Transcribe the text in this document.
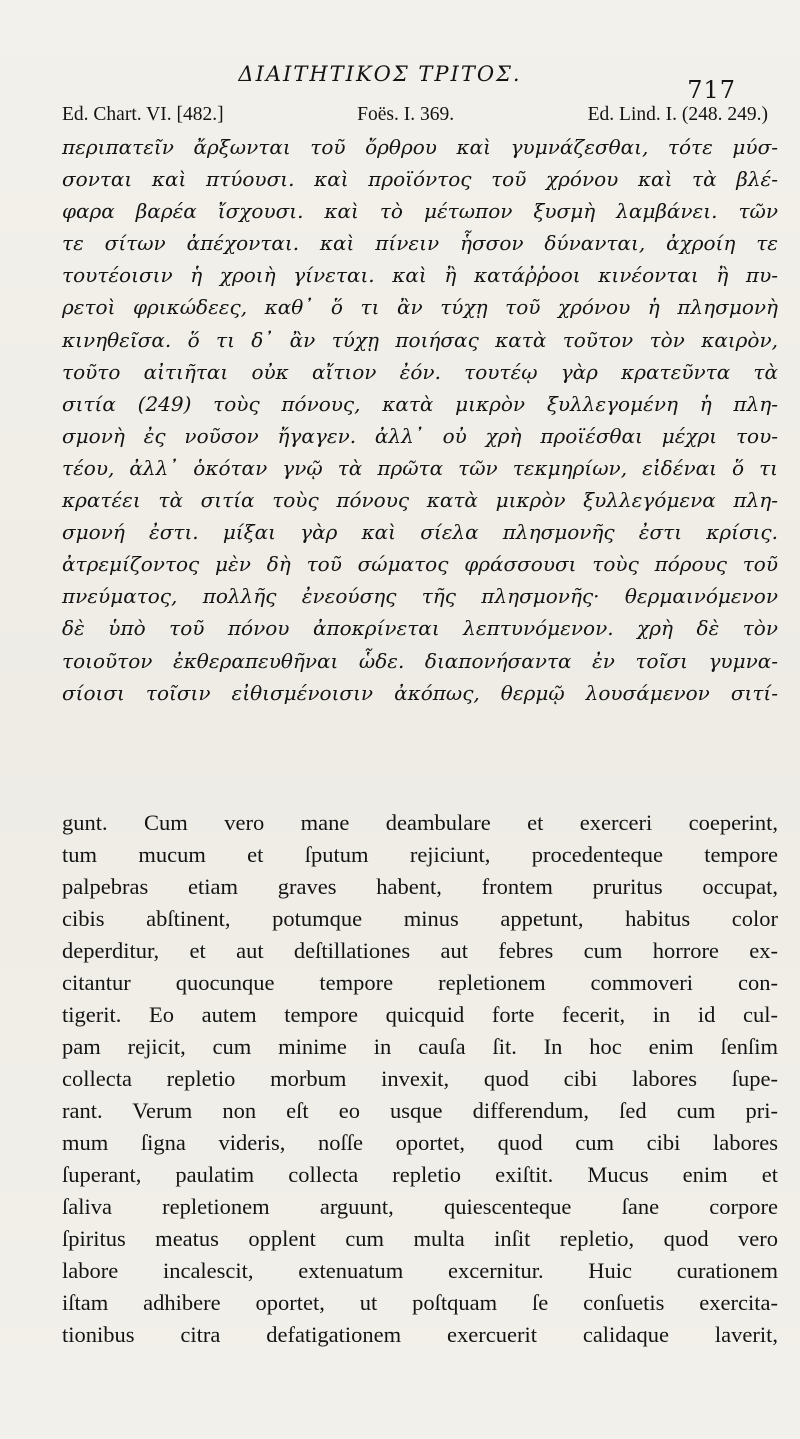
ΔΙΑΙΤΗΤΙΚΟΣ ΤΡΙΤΟΣ.
717
Ed. Chart. VI. [482.]	Foës. I. 369.	Ed. Lind. I. (248. 249.)
περιπατεῖν ἄρξωνται τοῦ ὄρθρου καὶ γυμνάζεσθαι, τότε μύσ-
σονται καὶ πτύουσι. καὶ προϊόντος τοῦ χρόνου καὶ τὰ βλέ-
φαρα βαρέα ἴσχουσι. καὶ τὸ μέτωπον ξυσμὴ λαμβάνει. τῶν
τε σίτων ἀπέχονται. καὶ πίνειν ἧσσον δύνανται, ἀχροίη τε
τουτέοισιν ἡ χροιὴ γίνεται. καὶ ἢ κατάῤῥοοι κινέονται ἢ πυ-
ρετοὶ φρικώδεες, καθ᾽ ὅ τι ἂν τύχῃ τοῦ χρόνου ἡ πλησμονὴ
κινηθεῖσα. ὅ τι δ᾽ ἂν τύχῃ ποιήσας κατὰ τοῦτον τὸν καιρὸν,
τοῦτο αἰτιῆται οὐκ αἴτιον ἐόν. τουτέῳ γὰρ κρατεῦντα τὰ
σιτία (249) τοὺς πόνους, κατὰ μικρὸν ξυλλεγομένη ἡ πλη-
σμονὴ ἐς νοῦσον ἤγαγεν. ἀλλ᾽ οὐ χρὴ προϊέσθαι μέχρι του-
τέου, ἀλλ᾽ ὁκόταν γνῷ τὰ πρῶτα τῶν τεκμηρίων, εἰδέναι ὅ τι
κρατέει τὰ σιτία τοὺς πόνους κατὰ μικρὸν ξυλλεγόμενα πλη-
σμονή ἐστι. μίξαι γὰρ καὶ σίελα πλησμονῆς ἐστι κρίσις.
ἀτρεμίζοντος μὲν δὴ τοῦ σώματος φράσσουσι τοὺς πόρους τοῦ
πνεύματος, πολλῆς ἐνεούσης τῆς πλησμονῆς· θερμαινόμενον
δὲ ὑπὸ τοῦ πόνου ἀποκρίνεται λεπτυνόμενον. χρὴ δὲ τὸν
τοιοῦτον ἐκθεραπευθῆναι ὧδε. διαπονήσαντα ἐν τοῖσι γυμνα-
σίοισι τοῖσιν εἰθισμένοισιν ἀκόπως, θερμῷ λουσάμενον σιτί-
gunt. Cum vero mane deambulare et exerceri coeperint,
tum mucum et ſputum rejiciunt, procedenteque tempore
palpebras etiam graves habent, frontem pruritus occupat,
cibis abſtinent, potumque minus appetunt, habitus color
deperditur, et aut deſtillationes aut febres cum horrore ex-
citantur quocunque tempore repletionem commoveri con-
tigerit. Eo autem tempore quicquid forte fecerit, in id cul-
pam rejicit, cum minime in cauſa ſit. In hoc enim ſenſim
collecta repletio morbum invexit, quod cibi labores ſupe-
rant. Verum non eſt eo usque differendum, ſed cum pri-
mum ſigna videris, noſſe oportet, quod cum cibi labores
ſuperant, paulatim collecta repletio exiſtit. Mucus enim et
ſaliva repletionem arguunt, quiescenteque ſane corpore
ſpiritus meatus opplent cum multa inſit repletio, quod vero
labore incalescit, extenuatum excernitur. Huic curationem
iſtam adhibere oportet, ut poſtquam ſe conſuetis exercita-
tionibus citra defatigationem exercuerit calidaque laverit,
